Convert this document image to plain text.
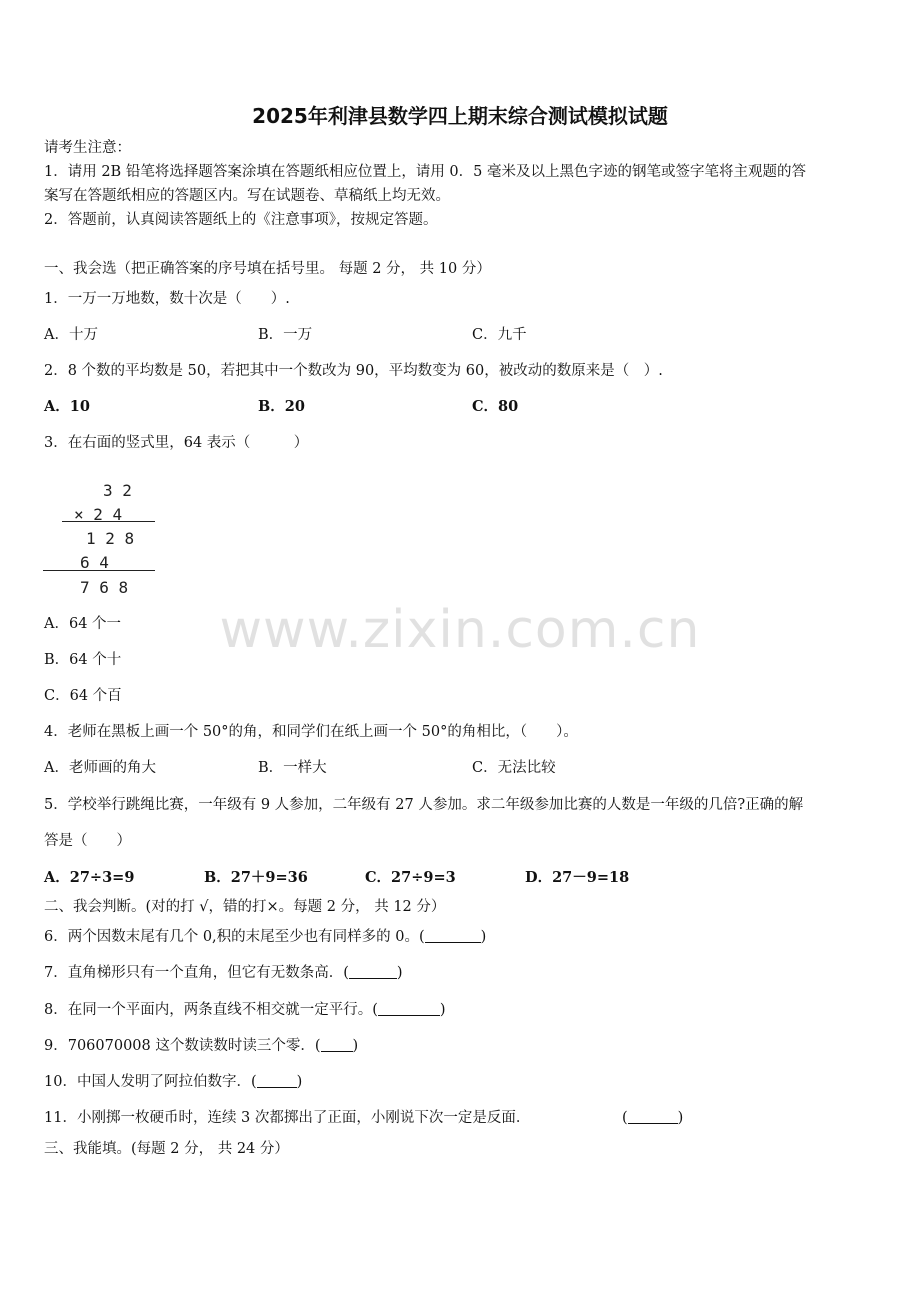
2025年利津县数学四上期末综合测试模拟试题
请考生注意：
1．请用 2B 铅笔将选择题答案涂填在答题纸相应位置上，请用 0．5 毫米及以上黑色字迹的钢笔或签字笔将主观题的答
案写在答题纸相应的答题区内。写在试题卷、草稿纸上均无效。
2．答题前，认真阅读答题纸上的《注意事项》，按规定答题。
一、我会选（把正确答案的序号填在括号里。 每题 2 分， 共 10 分）
1．一万一万地数，数十次是（　　）.
A．十万	B．一万	C．九千
2．8 个数的平均数是 50，若把其中一个数改为 90，平均数变为 60，被改动的数原来是（　）.
A．10	B．20	C．80
3．在右面的竖式里，64 表示（　　　）
3 2
× 2 4
1 2 8
6 4
7 6 8
www.zixin.com.cn
A．64 个一
B．64 个十
C．64 个百
4．老师在黑板上画一个 50°的角，和同学们在纸上画一个 50°的角相比，（　　）。
A．老师画的角大	B．一样大	C．无法比较
5．学校举行跳绳比赛，一年级有 9 人参加，二年级有 27 人参加。求二年级参加比赛的人数是一年级的几倍?正确的解
答是（　　）
A．27÷3=9	B．27＋9=36	C．27÷9=3	D．27－9=18
二、我会判断。(对的打 √，错的打×。每题 2 分， 共 12 分）
6．两个因数末尾有几个 0,积的末尾至少也有同样多的 0。(	)
7．直角梯形只有一个直角，但它有无数条高．(	)
8．在同一个平面内，两条直线不相交就一定平行。(	)
9．706070008 这个数读数时读三个零．( )
10．中国人发明了阿拉伯数字．(	)
11．小刚掷一枚硬币时，连续 3 次都掷出了正面，小刚说下次一定是反面．	(	)
三、我能填。(每题 2 分， 共 24 分）
